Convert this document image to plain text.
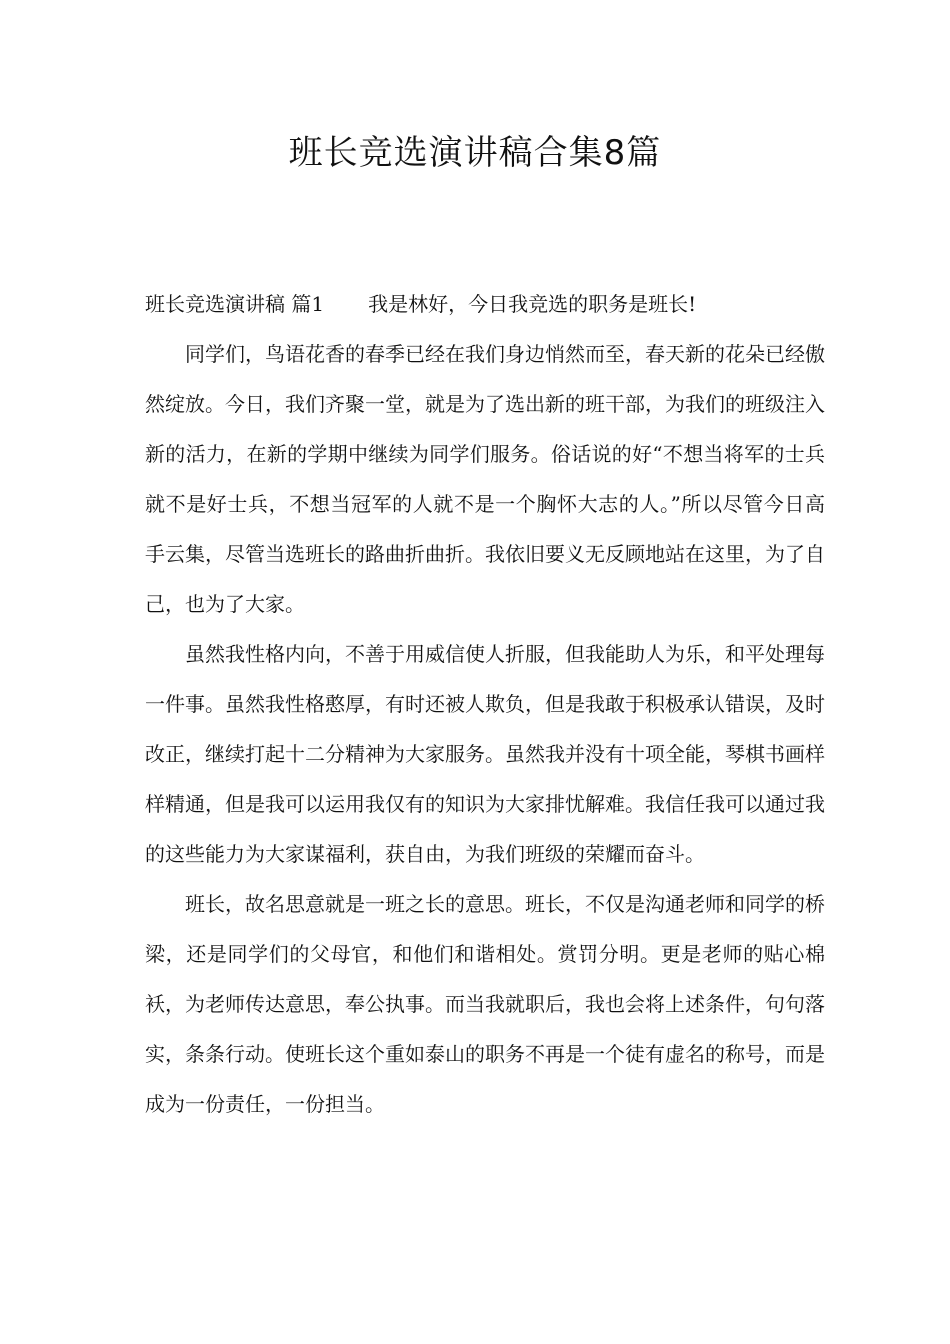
班长竞选演讲稿合集8篇

班长竞选演讲稿 篇1 我是林好，今日我竞选的职务是班长!

同学们，鸟语花香的春季已经在我们身边悄然而至，春天新的花朵已经傲然绽放。今日，我们齐聚一堂，就是为了选出新的班干部，为我们的班级注入新的活力，在新的学期中继续为同学们服务。俗话说的好“不想当将军的士兵就不是好士兵，不想当冠军的人就不是一个胸怀大志的人。”所以尽管今日高手云集，尽管当选班长的路曲折曲折。我依旧要义无反顾地站在这里，为了自己，也为了大家。

虽然我性格内向，不善于用威信使人折服，但我能助人为乐，和平处理每一件事。虽然我性格憨厚，有时还被人欺负，但是我敢于积极承认错误，及时改正，继续打起十二分精神为大家服务。虽然我并没有十项全能，琴棋书画样样精通，但是我可以运用我仅有的知识为大家排忧解难。我信任我可以通过我的这些能力为大家谋福利，获自由，为我们班级的荣耀而奋斗。

班长，故名思意就是一班之长的意思。班长，不仅是沟通老师和同学的桥梁，还是同学们的父母官，和他们和谐相处。赏罚分明。更是老师的贴心棉袄，为老师传达意思，奉公执事。而当我就职后，我也会将上述条件，句句落实，条条行动。使班长这个重如泰山的职务不再是一个徒有虚名的称号，而是成为一份责任，一份担当。
